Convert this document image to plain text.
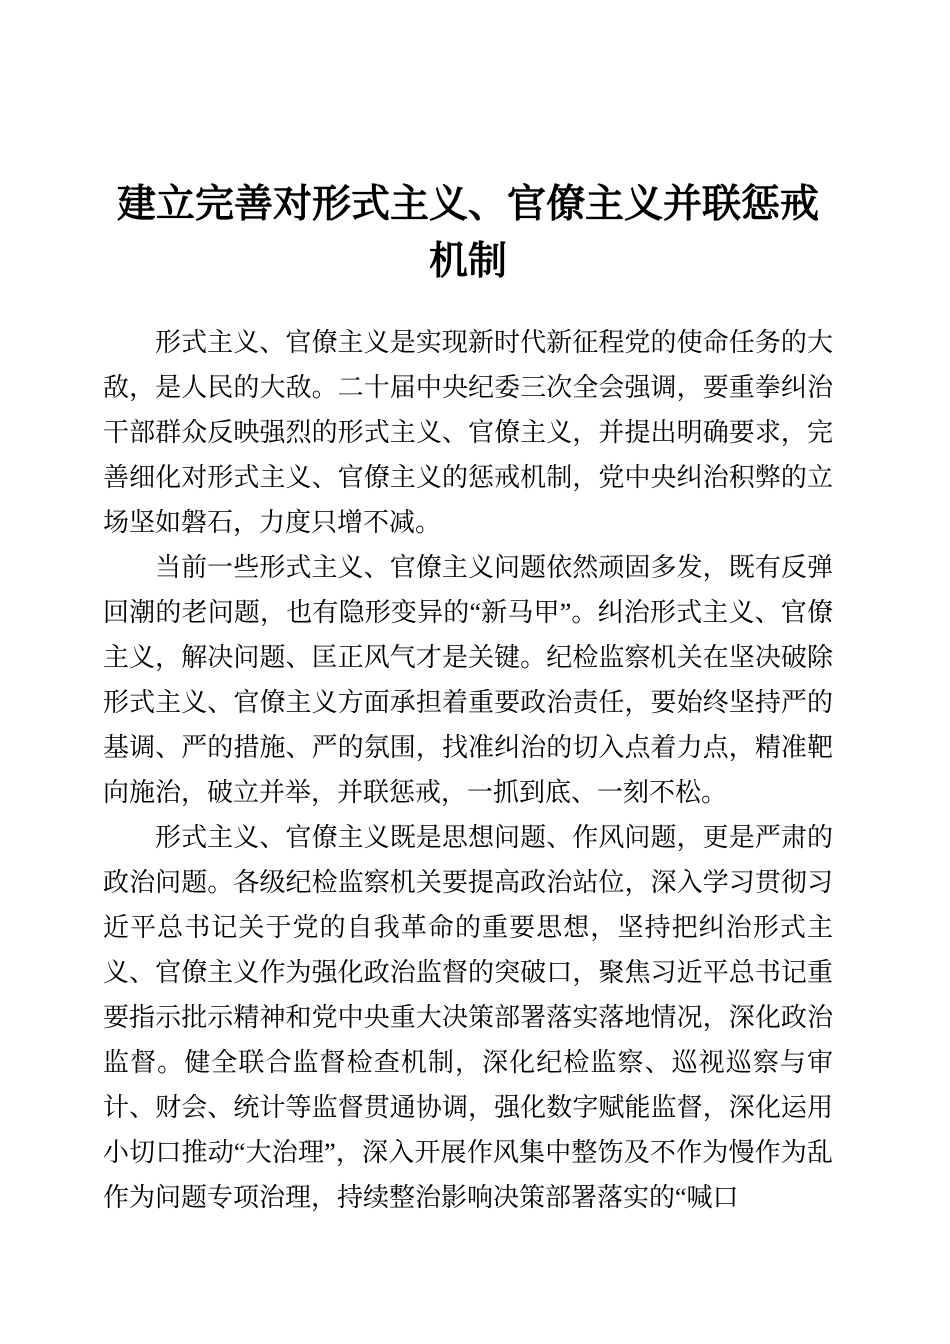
建立完善对形式主义、官僚主义并联惩戒机制

形式主义、官僚主义是实现新时代新征程党的使命任务的大敌，是人民的大敌。二十届中央纪委三次全会强调，要重拳纠治干部群众反映强烈的形式主义、官僚主义，并提出明确要求，完善细化对形式主义、官僚主义的惩戒机制，党中央纠治积弊的立场坚如磐石，力度只增不减。

当前一些形式主义、官僚主义问题依然顽固多发，既有反弹回潮的老问题，也有隐形变异的“新马甲”。纠治形式主义、官僚主义，解决问题、匡正风气才是关键。纪检监察机关在坚决破除形式主义、官僚主义方面承担着重要政治责任，要始终坚持严的基调、严的措施、严的氛围，找准纠治的切入点着力点，精准靶向施治，破立并举，并联惩戒，一抓到底、一刻不松。

形式主义、官僚主义既是思想问题、作风问题，更是严肃的政治问题。各级纪检监察机关要提高政治站位，深入学习贯彻习近平总书记关于党的自我革命的重要思想，坚持把纠治形式主义、官僚主义作为强化政治监督的突破口，聚焦习近平总书记重要指示批示精神和党中央重大决策部署落实落地情况，深化政治监督。健全联合监督检查机制，深化纪检监察、巡视巡察与审计、财会、统计等监督贯通协调，强化数字赋能监督，深化运用小切口推动“大治理”，深入开展作风集中整饬及不作为慢作为乱作为问题专项治理，持续整治影响决策部署落实的“喊口
